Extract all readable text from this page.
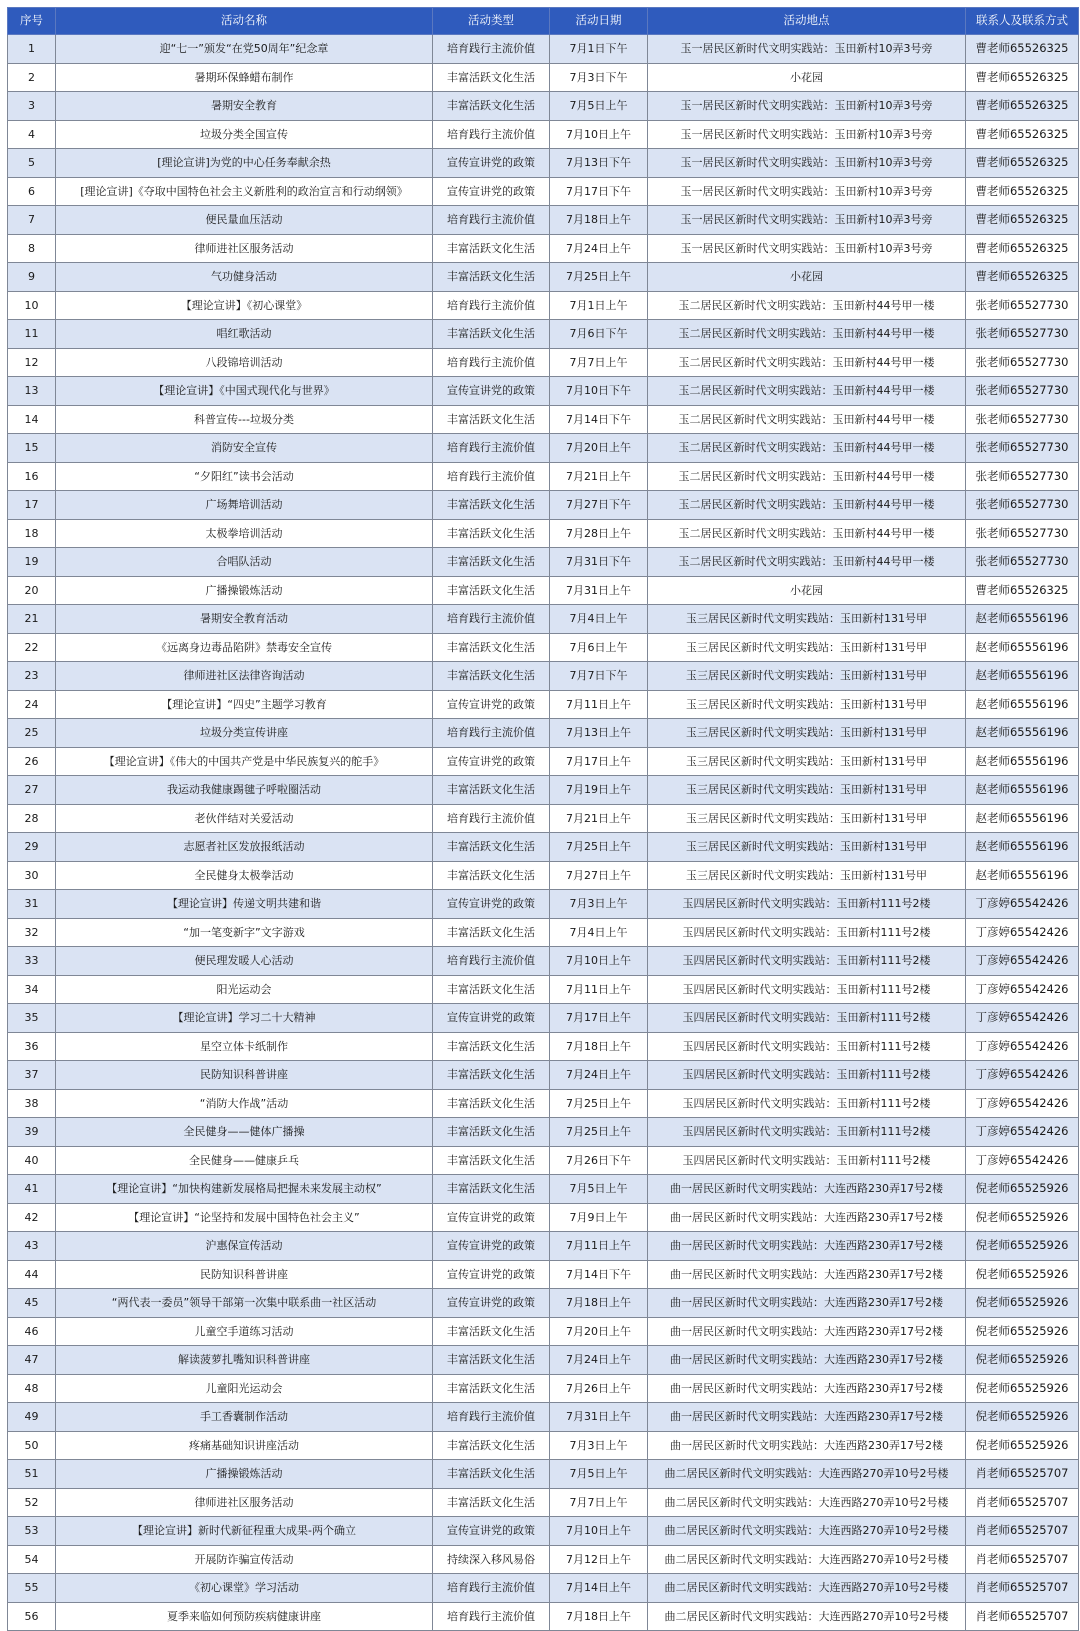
序号	活动名称	活动类型	活动日期	活动地点	联系人及联系方式
1	迎“七一”颁发“在党50周年”纪念章	培育践行主流价值	7月1日下午	玉一居民区新时代文明实践站：玉田新村10弄3号旁	曹老师65526325
2	暑期环保蜂蜡布制作	丰富活跃文化生活	7月3日下午	小花园	曹老师65526325
3	暑期安全教育	丰富活跃文化生活	7月5日上午	玉一居民区新时代文明实践站：玉田新村10弄3号旁	曹老师65526325
4	垃圾分类全国宣传	培育践行主流价值	7月10日上午	玉一居民区新时代文明实践站：玉田新村10弄3号旁	曹老师65526325
5	[理论宣讲]为党的中心任务奉献余热	宣传宣讲党的政策	7月13日下午	玉一居民区新时代文明实践站：玉田新村10弄3号旁	曹老师65526325
6	[理论宣讲]《夺取中国特色社会主义新胜利的政治宣言和行动纲领》	宣传宣讲党的政策	7月17日下午	玉一居民区新时代文明实践站：玉田新村10弄3号旁	曹老师65526325
7	便民量血压活动	培育践行主流价值	7月18日上午	玉一居民区新时代文明实践站：玉田新村10弄3号旁	曹老师65526325
8	律师进社区服务活动	丰富活跃文化生活	7月24日上午	玉一居民区新时代文明实践站：玉田新村10弄3号旁	曹老师65526325
9	气功健身活动	丰富活跃文化生活	7月25日上午	小花园	曹老师65526325
10	【理论宣讲】《初心课堂》	培育践行主流价值	7月1日上午	玉二居民区新时代文明实践站：玉田新村44号甲一楼	张老师65527730
11	唱红歌活动	丰富活跃文化生活	7月6日下午	玉二居民区新时代文明实践站：玉田新村44号甲一楼	张老师65527730
12	八段锦培训活动	培育践行主流价值	7月7日上午	玉二居民区新时代文明实践站：玉田新村44号甲一楼	张老师65527730
13	【理论宣讲】《中国式现代化与世界》	宣传宣讲党的政策	7月10日下午	玉二居民区新时代文明实践站：玉田新村44号甲一楼	张老师65527730
14	科普宣传---垃圾分类	丰富活跃文化生活	7月14日下午	玉二居民区新时代文明实践站：玉田新村44号甲一楼	张老师65527730
15	消防安全宣传	培育践行主流价值	7月20日上午	玉二居民区新时代文明实践站：玉田新村44号甲一楼	张老师65527730
16	“夕阳红”读书会活动	培育践行主流价值	7月21日上午	玉二居民区新时代文明实践站：玉田新村44号甲一楼	张老师65527730
17	广场舞培训活动	丰富活跃文化生活	7月27日下午	玉二居民区新时代文明实践站：玉田新村44号甲一楼	张老师65527730
18	太极拳培训活动	丰富活跃文化生活	7月28日上午	玉二居民区新时代文明实践站：玉田新村44号甲一楼	张老师65527730
19	合唱队活动	丰富活跃文化生活	7月31日下午	玉二居民区新时代文明实践站：玉田新村44号甲一楼	张老师65527730
20	广播操锻炼活动	丰富活跃文化生活	7月31日上午	小花园	曹老师65526325
21	暑期安全教育活动	培育践行主流价值	7月4日上午	玉三居民区新时代文明实践站：玉田新村131号甲	赵老师65556196
22	《远离身边毒品陷阱》禁毒安全宣传	丰富活跃文化生活	7月6日上午	玉三居民区新时代文明实践站：玉田新村131号甲	赵老师65556196
23	律师进社区法律咨询活动	丰富活跃文化生活	7月7日下午	玉三居民区新时代文明实践站：玉田新村131号甲	赵老师65556196
24	【理论宣讲】“四史”主题学习教育	宣传宣讲党的政策	7月11日上午	玉三居民区新时代文明实践站：玉田新村131号甲	赵老师65556196
25	垃圾分类宣传讲座	培育践行主流价值	7月13日上午	玉三居民区新时代文明实践站：玉田新村131号甲	赵老师65556196
26	【理论宣讲】《伟大的中国共产党是中华民族复兴的舵手》	宣传宣讲党的政策	7月17日上午	玉三居民区新时代文明实践站：玉田新村131号甲	赵老师65556196
27	我运动我健康踢毽子呼啦圈活动	丰富活跃文化生活	7月19日上午	玉三居民区新时代文明实践站：玉田新村131号甲	赵老师65556196
28	老伙伴结对关爱活动	培育践行主流价值	7月21日上午	玉三居民区新时代文明实践站：玉田新村131号甲	赵老师65556196
29	志愿者社区发放报纸活动	丰富活跃文化生活	7月25日上午	玉三居民区新时代文明实践站：玉田新村131号甲	赵老师65556196
30	全民健身太极拳活动	丰富活跃文化生活	7月27日上午	玉三居民区新时代文明实践站：玉田新村131号甲	赵老师65556196
31	【理论宣讲】传递文明共建和谐	宣传宣讲党的政策	7月3日上午	玉四居民区新时代文明实践站：玉田新村111号2楼	丁彦婷65542426
32	“加一笔变新字”文字游戏	丰富活跃文化生活	7月4日上午	玉四居民区新时代文明实践站：玉田新村111号2楼	丁彦婷65542426
33	便民理发暖人心活动	培育践行主流价值	7月10日上午	玉四居民区新时代文明实践站：玉田新村111号2楼	丁彦婷65542426
34	阳光运动会	丰富活跃文化生活	7月11日上午	玉四居民区新时代文明实践站：玉田新村111号2楼	丁彦婷65542426
35	【理论宣讲】学习二十大精神	宣传宣讲党的政策	7月17日上午	玉四居民区新时代文明实践站：玉田新村111号2楼	丁彦婷65542426
36	星空立体卡纸制作	丰富活跃文化生活	7月18日上午	玉四居民区新时代文明实践站：玉田新村111号2楼	丁彦婷65542426
37	民防知识科普讲座	丰富活跃文化生活	7月24日上午	玉四居民区新时代文明实践站：玉田新村111号2楼	丁彦婷65542426
38	“消防大作战”活动	丰富活跃文化生活	7月25日上午	玉四居民区新时代文明实践站：玉田新村111号2楼	丁彦婷65542426
39	全民健身——健体广播操	丰富活跃文化生活	7月25日上午	玉四居民区新时代文明实践站：玉田新村111号2楼	丁彦婷65542426
40	全民健身——健康乒乓	丰富活跃文化生活	7月26日下午	玉四居民区新时代文明实践站：玉田新村111号2楼	丁彦婷65542426
41	【理论宣讲】“加快构建新发展格局把握未来发展主动权”	丰富活跃文化生活	7月5日上午	曲一居民区新时代文明实践站：大连西路230弄17号2楼	倪老师65525926
42	【理论宣讲】“论坚持和发展中国特色社会主义”	宣传宣讲党的政策	7月9日上午	曲一居民区新时代文明实践站：大连西路230弄17号2楼	倪老师65525926
43	沪惠保宣传活动	宣传宣讲党的政策	7月11日上午	曲一居民区新时代文明实践站：大连西路230弄17号2楼	倪老师65525926
44	民防知识科普讲座	宣传宣讲党的政策	7月14日下午	曲一居民区新时代文明实践站：大连西路230弄17号2楼	倪老师65525926
45	“两代表一委员”领导干部第一次集中联系曲一社区活动	宣传宣讲党的政策	7月18日上午	曲一居民区新时代文明实践站：大连西路230弄17号2楼	倪老师65525926
46	儿童空手道练习活动	丰富活跃文化生活	7月20日上午	曲一居民区新时代文明实践站：大连西路230弄17号2楼	倪老师65525926
47	解读菠萝扎嘴知识科普讲座	丰富活跃文化生活	7月24日上午	曲一居民区新时代文明实践站：大连西路230弄17号2楼	倪老师65525926
48	儿童阳光运动会	丰富活跃文化生活	7月26日上午	曲一居民区新时代文明实践站：大连西路230弄17号2楼	倪老师65525926
49	手工香囊制作活动	培育践行主流价值	7月31日上午	曲一居民区新时代文明实践站：大连西路230弄17号2楼	倪老师65525926
50	疼痛基础知识讲座活动	丰富活跃文化生活	7月3日上午	曲一居民区新时代文明实践站：大连西路230弄17号2楼	倪老师65525926
51	广播操锻炼活动	丰富活跃文化生活	7月5日上午	曲二居民区新时代文明实践站：大连西路270弄10号2号楼	肖老师65525707
52	律师进社区服务活动	丰富活跃文化生活	7月7日上午	曲二居民区新时代文明实践站：大连西路270弄10号2号楼	肖老师65525707
53	【理论宣讲】新时代新征程重大成果-两个确立	宣传宣讲党的政策	7月10日上午	曲二居民区新时代文明实践站：大连西路270弄10号2号楼	肖老师65525707
54	开展防诈骗宣传活动	持续深入移风易俗	7月12日上午	曲二居民区新时代文明实践站：大连西路270弄10号2号楼	肖老师65525707
55	《初心课堂》学习活动	培育践行主流价值	7月14日上午	曲二居民区新时代文明实践站：大连西路270弄10号2号楼	肖老师65525707
56	夏季来临如何预防疾病健康讲座	培育践行主流价值	7月18日上午	曲二居民区新时代文明实践站：大连西路270弄10号2号楼	肖老师65525707
